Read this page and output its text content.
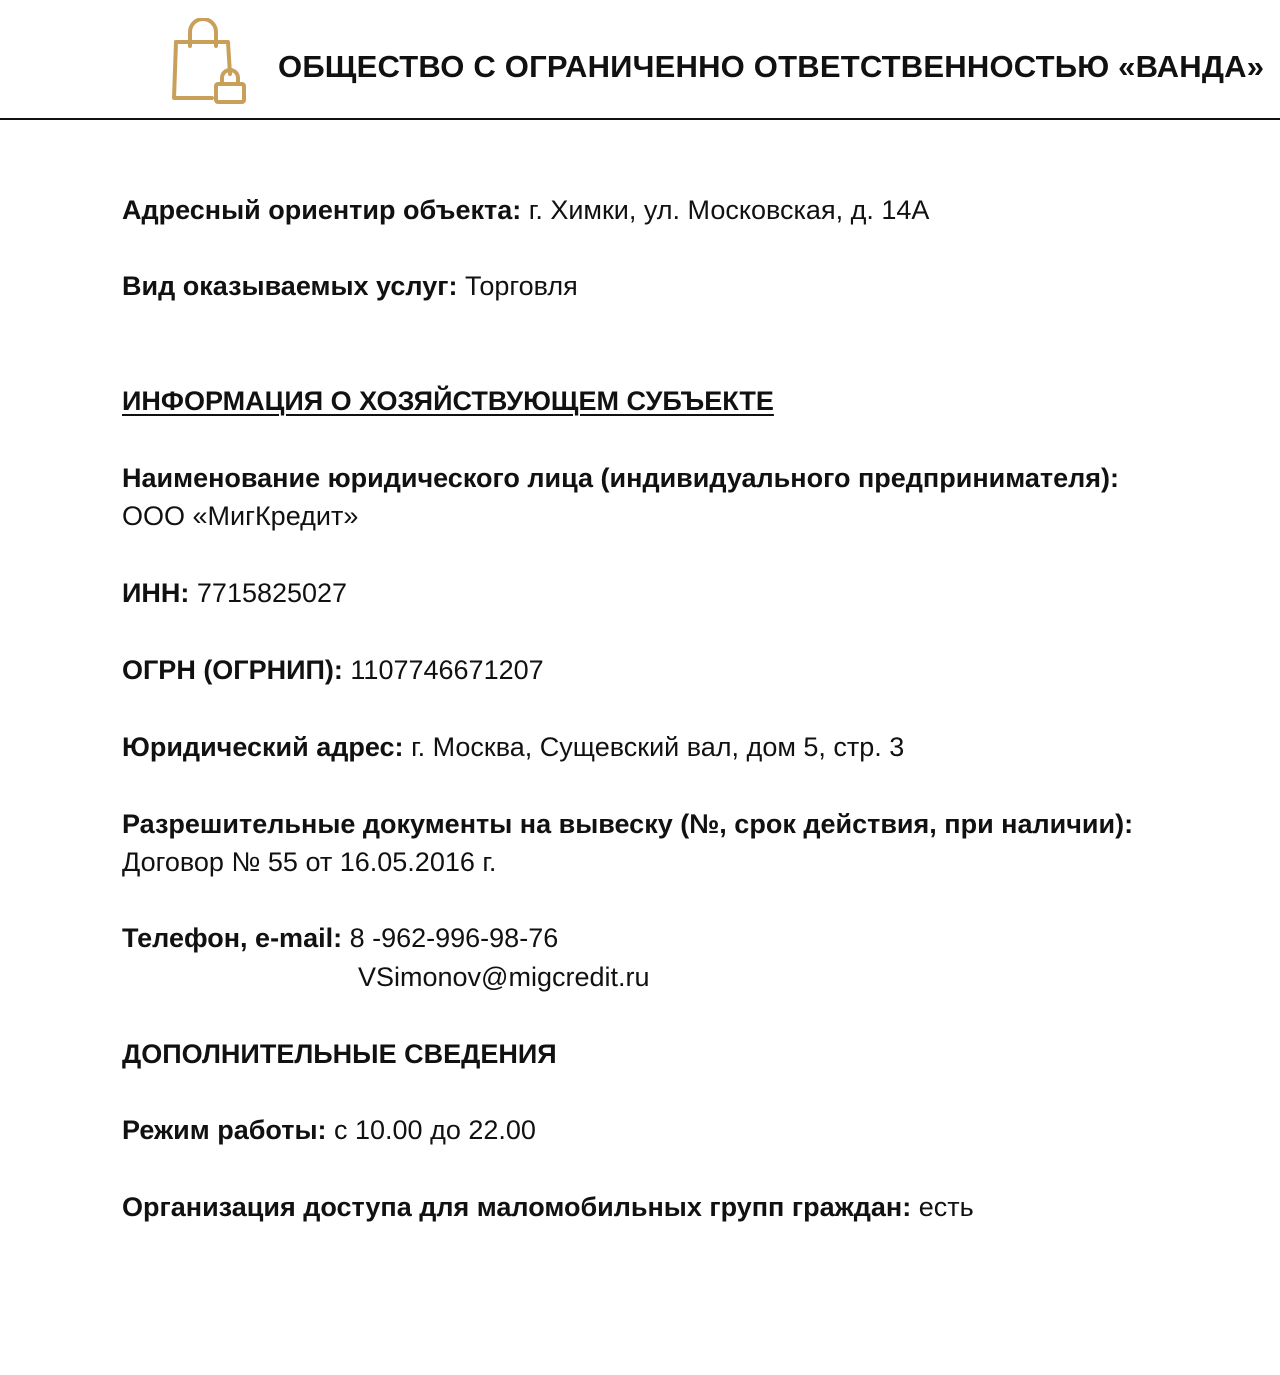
ОБЩЕСТВО С ОГРАНИЧЕННО ОТВЕТСТВЕННОСТЬЮ «ВАНДА»
Адресный ориентир объекта: г. Химки, ул. Московская, д. 14А
Вид оказываемых услуг: Торговля
ИНФОРМАЦИЯ О ХОЗЯЙСТВУЮЩЕМ СУБЪЕКТЕ
Наименование юридического лица (индивидуального предпринимателя):
ООО «МигКредит»
ИНН: 7715825027
ОГРН (ОГРНИП): 1107746671207
Юридический адрес: г. Москва, Сущевский вал, дом 5, стр. 3
Разрешительные документы на вывеску (№, срок действия, при наличии):
Договор № 55 от 16.05.2016 г.
Телефон, e-mail: 8 -962-996-98-76
VSimonov@migcredit.ru
ДОПОЛНИТЕЛЬНЫЕ СВЕДЕНИЯ
Режим работы: с 10.00 до 22.00
Организация доступа для маломобильных групп граждан: есть
